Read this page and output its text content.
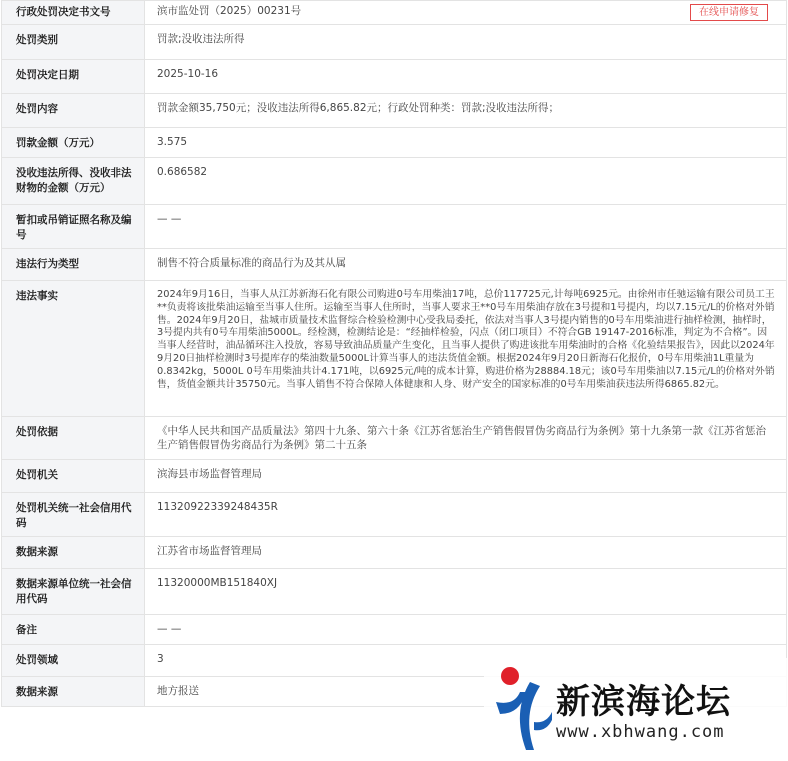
行政处罚决定书文号	滨市监处罚（2025）00231号 在线申请修复

处罚类别	罚款;没收违法所得
处罚决定日期	2025-10-16
处罚内容	罚款金额35,750元；没收违法所得6,865.82元；行政处罚种类：罚款;没收违法所得；
罚款金额（万元）	3.575
没收违法所得、没收非法财物的金额（万元）	0.686582
暂扣或吊销证照名称及编号	— —
违法行为类型	制售不符合质量标准的商品行为及其从属
违法事实	2024年9月16日，当事人从江苏新海石化有限公司购进0号车用柴油17吨，总价117725元,计每吨6925元。由徐州市任驰运输有限公司员工王**负责将该批柴油运输至当事人住所。运输至当事人住所时，当事人要求王**0号车用柴油存放在3号提和1号提内，均以7.15元/L的价格对外销售。2024年9月20日，盐城市质量技术监督综合检验检测中心受我局委托，依法对当事人3号提内销售的0号车用柴油进行抽样检测，抽样时，3号提内共有0号车用柴油5000L。经检测，检测结论是：“经抽样检验，闪点（闭口项目）不符合GB 19147-2016标准，判定为不合格”。因当事人经营时，油品循环注入投放，容易导致油品质量产生变化，且当事人提供了购进该批车用柴油时的合格《化验结果报告》，因此以2024年9月20日抽样检测时3号提库存的柴油数量5000L计算当事人的违法货值金额。根据2024年9月20日新海石化报价，0号车用柴油1L重量为0.8342kg，5000L 0号车用柴油共计4.171吨，以6925元/吨的成本计算，购进价格为28884.18元；该0号车用柴油以7.15元/L的价格对外销售，货值金额共计35750元。当事人销售不符合保障人体健康和人身、财产安全的国家标准的0号车用柴油获违法所得6865.82元。
处罚依据	《中华人民共和国产品质量法》第四十九条、第六十条《江苏省惩治生产销售假冒伪劣商品行为条例》第十九条第一款《江苏省惩治生产销售假冒伪劣商品行为条例》第二十五条
处罚机关	滨海县市场监督管理局
处罚机关统一社会信用代码	11320922339248435R
数据来源	江苏省市场监督管理局
数据来源单位统一社会信用代码	11320000MB151840XJ
备注	— —
处罚领域	3
数据来源	地方报送	新滨海论坛
www.xbhwang.com
